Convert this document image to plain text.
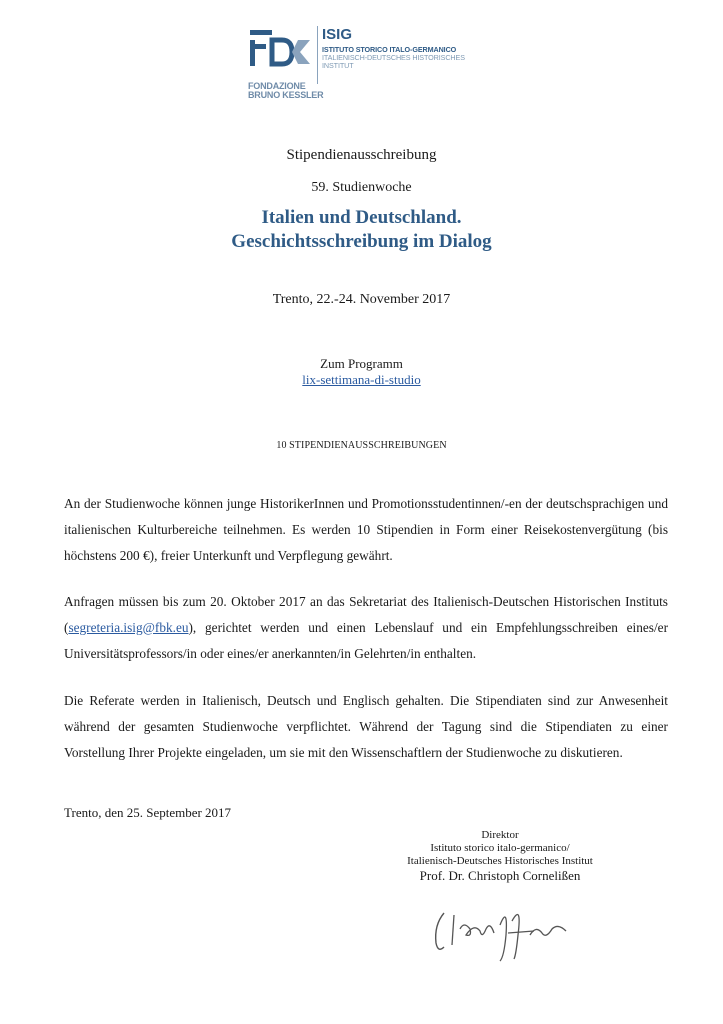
FONDAZIONE
BRUNO KESSLER
ISIG
ISTITUTO STORICO ITALO-GERMANICO
ITALIENISCH-DEUTSCHES HISTORISCHES INSTITUT
Stipendienausschreibung
59. Studienwoche
Italien und Deutschland.
Geschichtsschreibung im Dialog
Trento, 22.-24. November 2017
Zum Programm
lix-settimana-di-studio
10 STIPENDIENAUSSCHREIBUNGEN
An der Studienwoche können junge HistorikerInnen und Promotionsstudentinnen/-en der deutschsprachigen und italienischen Kulturbereiche teilnehmen. Es werden 10 Stipendien in Form einer Reisekostenvergütung (bis höchstens 200 €), freier Unterkunft und Verpflegung gewährt.
Anfragen müssen bis zum 20. Oktober 2017 an das Sekretariat des Italienisch-Deutschen Historischen Instituts (segreteria.isig@fbk.eu), gerichtet werden und einen Lebenslauf und ein Empfehlungsschreiben eines/er Universitätsprofessors/in oder eines/er anerkannten/in Gelehrten/in enthalten.
Die Referate werden in Italienisch, Deutsch und Englisch gehalten. Die Stipendiaten sind zur Anwesenheit während der gesamten Studienwoche verpflichtet. Während der Tagung sind die Stipendiaten zu einer Vorstellung Ihrer Projekte eingeladen, um sie mit den Wissenschaftlern der Studienwoche zu diskutieren.
Trento, den 25. September 2017
Direktor
Istituto storico italo-germanico/
Italienisch-Deutsches Historisches Institut
Prof. Dr. Christoph Cornelißen
